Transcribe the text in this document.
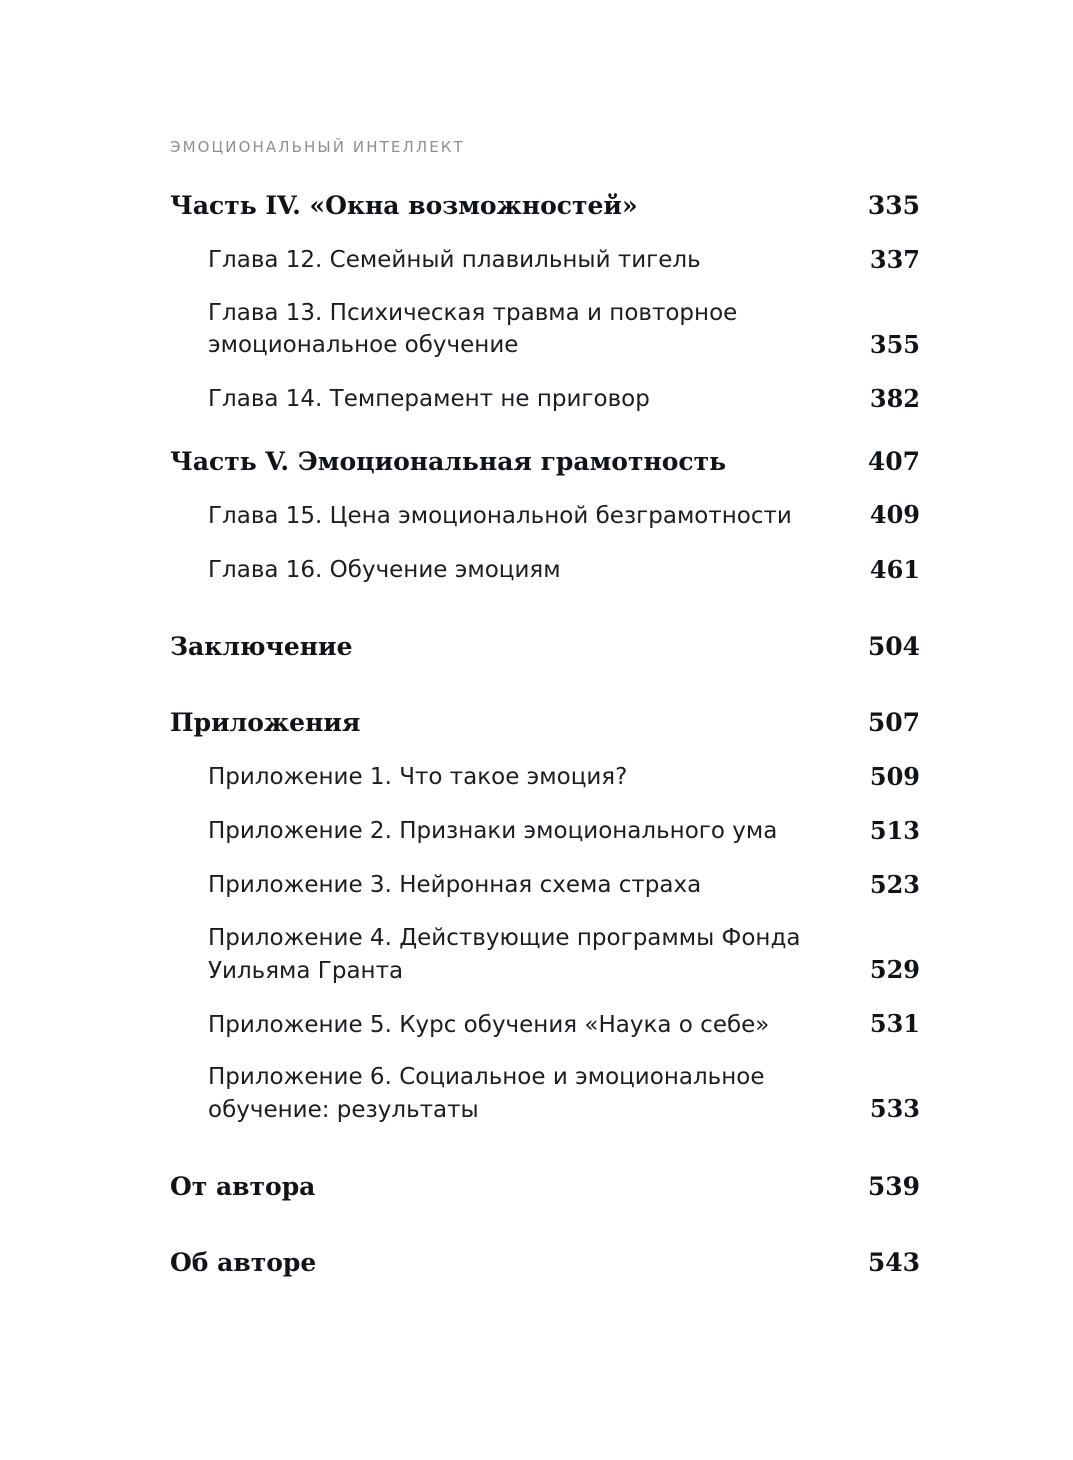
ЭМОЦИОНАЛЬНЫЙ ИНТЕЛЛЕКТ
Часть IV. «Окна возможностей»	335
Глава 12. Семейный плавильный тигель	337
Глава 13. Психическая травма и повторное эмоциональное обучение	355
Глава 14. Темперамент не приговор	382
Часть V. Эмоциональная грамотность	407
Глава 15. Цена эмоциональной безграмотности	409
Глава 16. Обучение эмоциям	461
Заключение	504
Приложения	507
Приложение 1. Что такое эмоция?	509
Приложение 2. Признаки эмоционального ума	513
Приложение 3. Нейронная схема страха	523
Приложение 4. Действующие программы Фонда Уильяма Гранта	529
Приложение 5. Курс обучения «Наука о себе»	531
Приложение 6. Социальное и эмоциональное обучение: результаты	533
От автора	539
Об авторе	543
